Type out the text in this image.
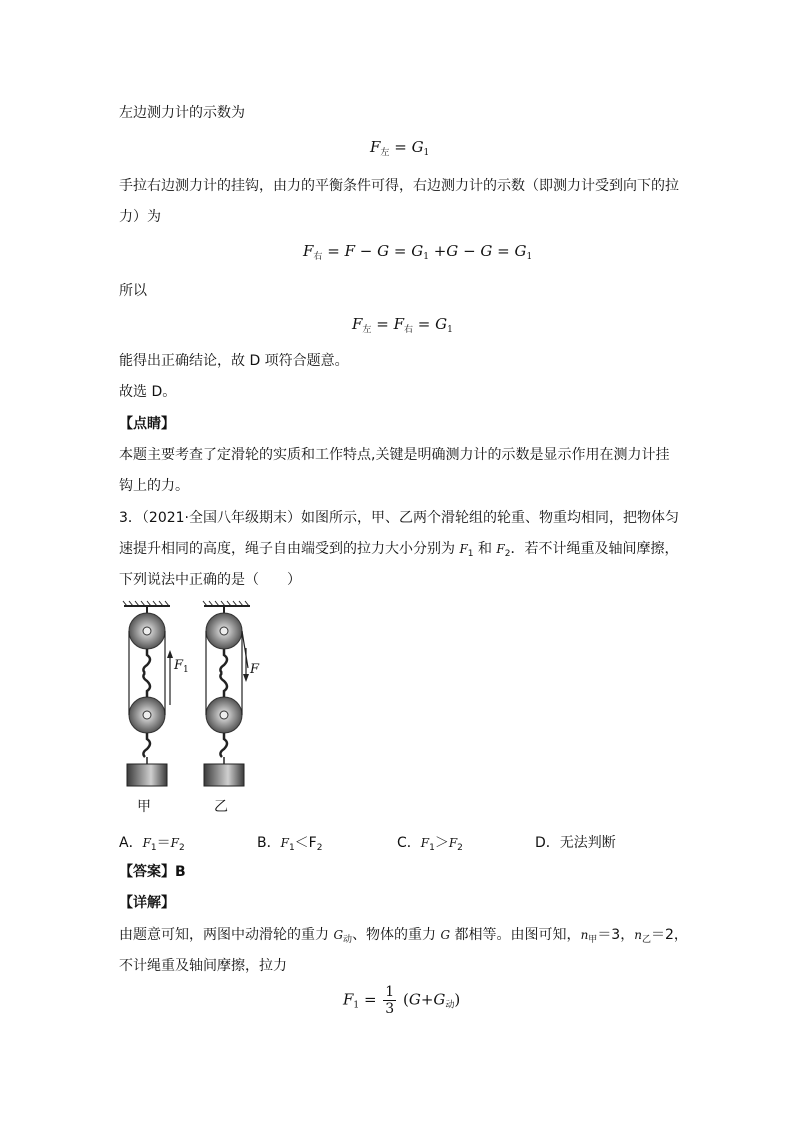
左边测力计的示数为
$F_左 = G_1$
手拉右边测力计的挂钩，由力的平衡条件可得，右边测力计的示数（即测力计受到向下的拉
力）为
$F_右 = F - G = G_1 +G - G = G_1$
所以
$F_左 = F_右 = G_1$
能得出正确结论，故 D 项符合题意。
故选 D。
【点睛】
本题主要考查了定滑轮的实质和工作特点,关键是明确测力计的示数是显示作用在测力计挂
钩上的力。
3．（2021·全国八年级期末）如图所示，甲、乙两个滑轮组的轮重、物重均相同，把物体匀
速提升相同的高度，绳子自由端受到的拉力大小分别为 $F_1$ 和 $F_2$．若不计绳重及轴间摩擦，
下列说法中正确的是（　　）
$F_1$	F
甲	乙
A．$F_1=F_2$	B．$F_1<F_2$	C．$F_1>F_2$	D．无法判断
【答案】B
【详解】
由题意可知，两图中动滑轮的重力 $G_动$、物体的重力 G 都相等。由图可知，$n_甲=3$，$n_乙=2$，
不计绳重及轴间摩擦，拉力
$F_1 = \frac{1}{3} (G+G_动)$
